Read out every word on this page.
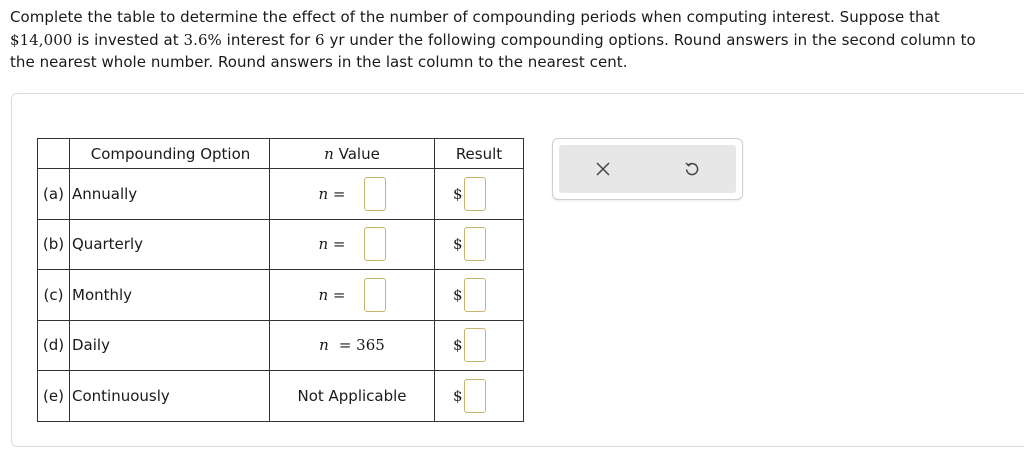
Complete the table to determine the effect of the number of compounding periods when computing interest. Suppose that
$14,000 is invested at 3.6% interest for 6 yr under the following compounding options. Round answers in the second column to
the nearest whole number. Round answers in the last column to the nearest cent.
	Compounding Option	n Value	Result
(a)	Annually	n =	$

(b)	Quarterly	n =	$

(c)	Monthly	n =	$

(d)	Daily	n = 365	$

(e)	Continuously	Not Applicable	$
